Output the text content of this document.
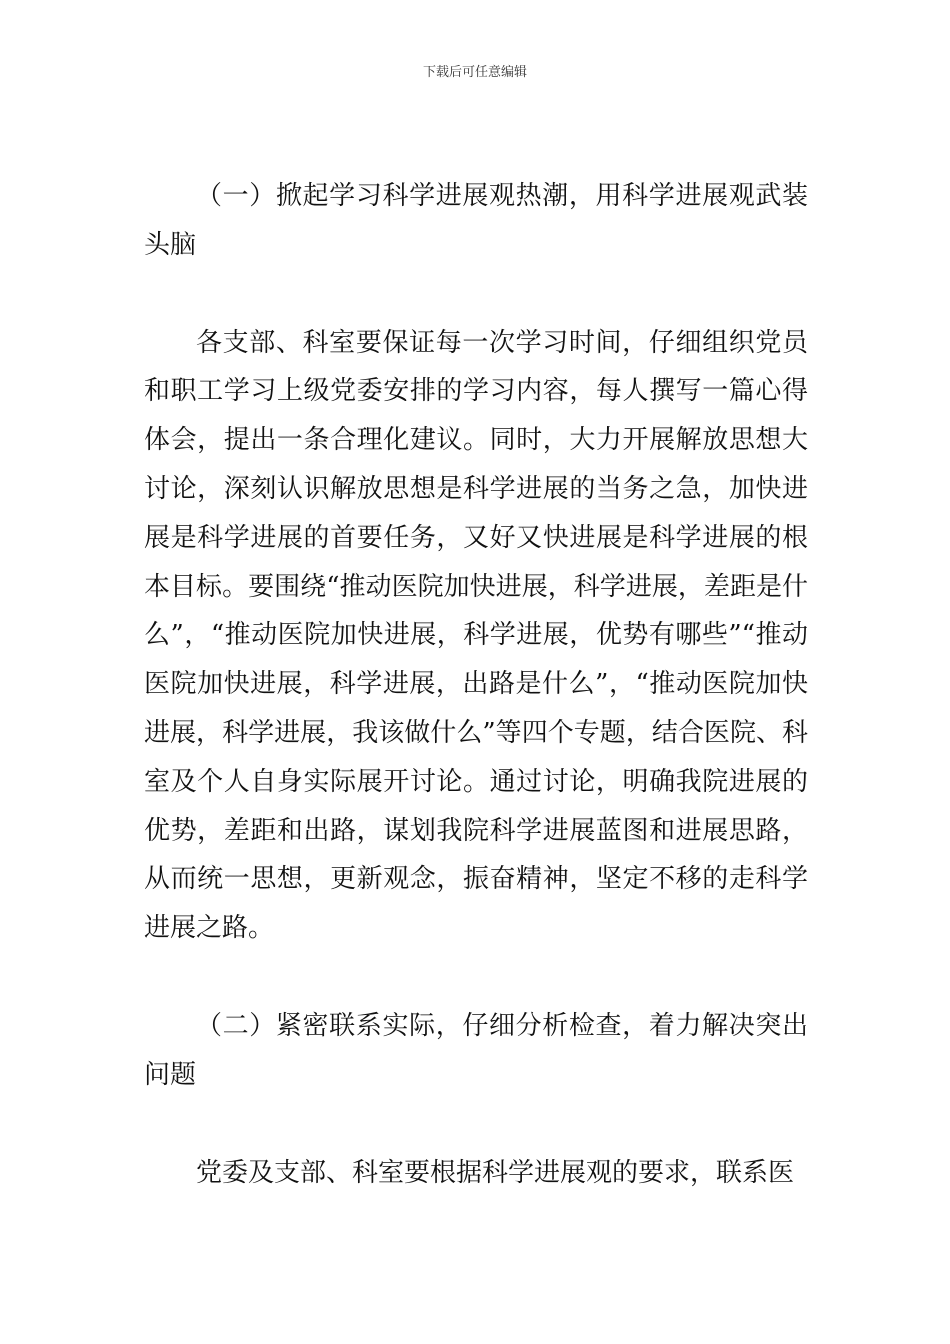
下载后可任意编辑

（一）掀起学习科学进展观热潮，用科学进展观武装头脑

各支部、科室要保证每一次学习时间，仔细组织党员和职工学习上级党委安排的学习内容，每人撰写一篇心得体会，提出一条合理化建议。同时，大力开展解放思想大讨论，深刻认识解放思想是科学进展的当务之急，加快进展是科学进展的首要任务，又好又快进展是科学进展的根本目标。要围绕“推动医院加快进展，科学进展，差距是什么”，“推动医院加快进展，科学进展，优势有哪些”“推动医院加快进展，科学进展，出路是什么”，“推动医院加快进展，科学进展，我该做什么”等四个专题，结合医院、科室及个人自身实际展开讨论。通过讨论，明确我院进展的优势，差距和出路，谋划我院科学进展蓝图和进展思路，从而统一思想，更新观念，振奋精神，坚定不移的走科学进展之路。

（二）紧密联系实际，仔细分析检查，着力解决突出问题

党委及支部、科室要根据科学进展观的要求，联系医
